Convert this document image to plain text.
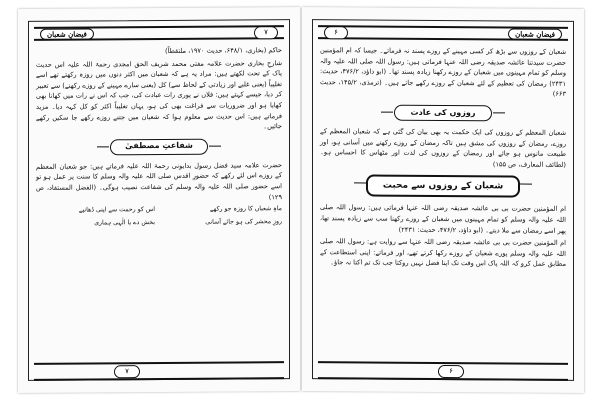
فیضانِ شعبان	۷

حاکم (بخاری، ۶۴۸/۱، حدیث ۱۹۷۰، ملتقطاً)

شارحِ بخاری حضرت علامہ مفتی محمد شریف الحق امجدی رحمۃ اللہ علیہ اس حدیث پاک کے تحت لکھتے ہیں: مراد یہ ہے کہ شعبان میں اکثر دنوں میں روزہ رکھتے تھے اسے تغلیباً (یعنی غلبے اور زیادتی کے لحاظ سے) کل (یعنی سارے مہینے کے روزے رکھنے) سے تعبیر کر دیا، جیسے کہتے ہیں: فلاں نے پوری رات عبادت کی، جب کہ اس نے رات میں کھانا بھی کھایا ہو اور ضروریات سے فراغت بھی کی ہو، یہاں تغلیباً اکثر کو کل کہہ دیا۔ مزید فرماتے ہیں: اس حدیث سے معلوم ہوا کہ شعبان میں جتنے روزے رکھے جا سکیں رکھے جائیں۔

شفاعتِ مصطفیٰ

حضرت علامہ سید فضل رسول بدایونی رحمۃ اللہ علیہ فرماتے ہیں: جو شعبان المعظم کے روزے اس لئے رکھے کہ حضورِ اقدس صلی اللہ علیہ والہ وسلم کا سنت پر عمل ہو تو اسے حضور صلی اللہ علیہ والہ وسلم کی شفاعت نصیب ہوگی۔ (الفضل المستفاد، ص ۱۲۹)

ماہِ شعباں کا روزہ جو رکھے
اس کو رحمت سے اپنی ڈھانپے
روزِ محشر کی ہو جائے آسانی
بخش دے یا الٰہی ہماری
۷
۶	فیضانِ شعبان

شعبان کے روزوں سے بڑھ کر کسی مہینے کے روزے پسند نہ فرماتے۔ جیسا کہ ام المؤمنین حضرت سیدتنا عائشہ صدیقہ رضی اللہ عنہا فرماتی ہیں: رسول اللہ صلی اللہ علیہ والہ وسلم کو تمام مہینوں میں شعبان کے روزے رکھنا زیادہ پسند تھا۔ (ابو داؤد، ۴۷۶/۲، حدیث: ۲۴۳۱) رمضان کی تعظیم کے لئے شعبان کے روزے رکھے جاتے ہیں۔ (ترمذی، ۱۴۵/۲، حدیث ۶۶۳)

روزوں کی عادت

شعبان المعظم کے روزوں کی ایک حکمت یہ بھی بیان کی گئی ہے کہ شعبان المعظم کے روزے، رمضان کے روزوں کی مشق ہیں تاکہ رمضان کے روزے رکھنے میں آسانی ہو، اور طبیعت مانوس ہو جائے اور رمضان کے روزوں کی لذت اور مٹھاس کا احساس ہو۔ (لطائف المعارف، ص ۱۵۵)

شعبان کے روزوں سے محبت

ام المؤمنین حضرت بی بی عائشہ صدیقہ رضی اللہ عنہا فرماتی ہیں: رسول اللہ صلی اللہ علیہ والہ وسلم کو تمام مہینوں میں شعبان کے روزے رکھنا سب سے زیادہ پسند تھا، پھر اسے رمضان سے ملا دیتے۔ (ابو داؤد، ۴۷۶/۲، حدیث: ۲۴۳۱)

ام المؤمنین حضرت بی بی عائشہ صدیقہ رضی اللہ عنہا سے روایت ہے: رسول اللہ صلی اللہ علیہ والہ وسلم پورے شعبان کے روزے رکھا کرتے تھے، اور فرماتے: اپنی استطاعت کے مطابق عمل کرو کہ اللہ پاک اس وقت تک اپنا فضل نہیں روکتا جب تک تم اکتا نہ جاؤ۔

۶
